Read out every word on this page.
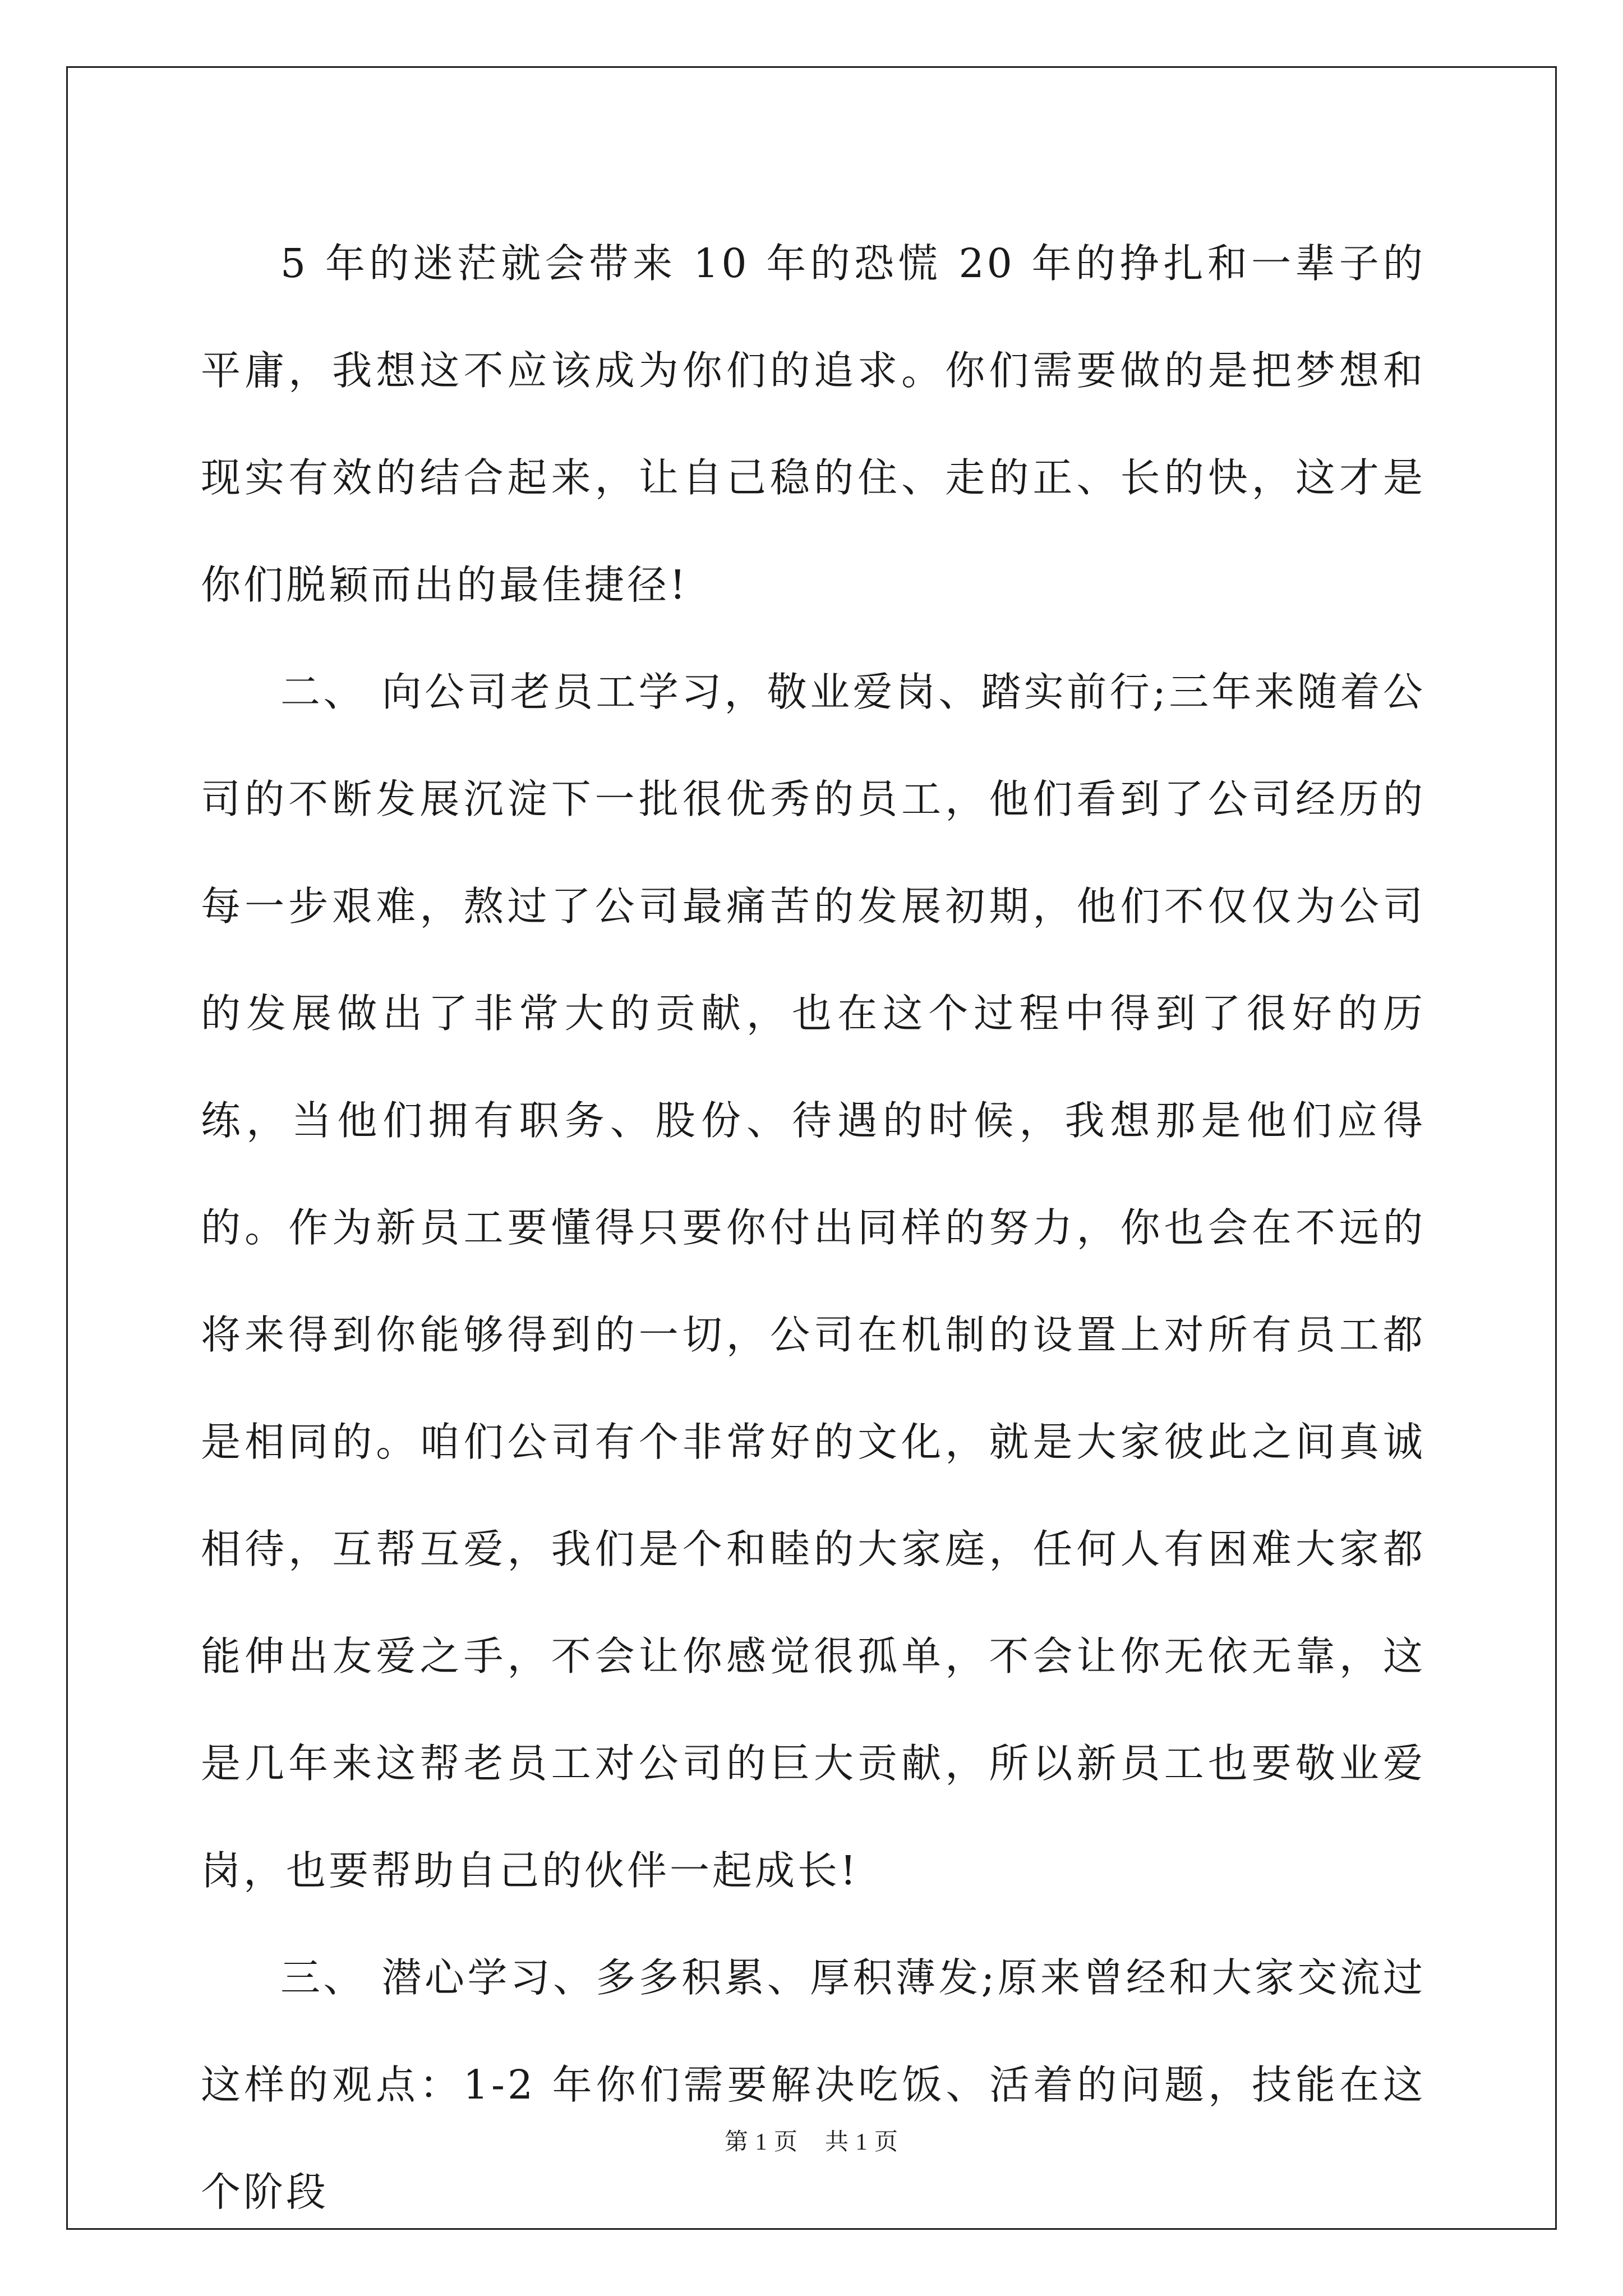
5 年的迷茫就会带来 10 年的恐慌 20 年的挣扎和一辈子的平庸，我想这不应该成为你们的追求。你们需要做的是把梦想和现实有效的结合起来，让自己稳的住、走的正、长的快，这才是你们脱颖而出的最佳捷径!

二、 向公司老员工学习，敬业爱岗、踏实前行;三年来随着公司的不断发展沉淀下一批很优秀的员工，他们看到了公司经历的每一步艰难，熬过了公司最痛苦的发展初期，他们不仅仅为公司的发展做出了非常大的贡献，也在这个过程中得到了很好的历练，当他们拥有职务、股份、待遇的时候，我想那是他们应得的。作为新员工要懂得只要你付出同样的努力，你也会在不远的将来得到你能够得到的一切，公司在机制的设置上对所有员工都是相同的。咱们公司有个非常好的文化，就是大家彼此之间真诚相待，互帮互爱，我们是个和睦的大家庭，任何人有困难大家都能伸出友爱之手，不会让你感觉很孤单，不会让你无依无靠，这是几年来这帮老员工对公司的巨大贡献，所以新员工也要敬业爱岗，也要帮助自己的伙伴一起成长!

三、 潜心学习、多多积累、厚积薄发;原来曾经和大家交流过这样的观点：1-2 年你们需要解决吃饭、活着的问题，技能在这个阶段

第 1 页 共 1 页
